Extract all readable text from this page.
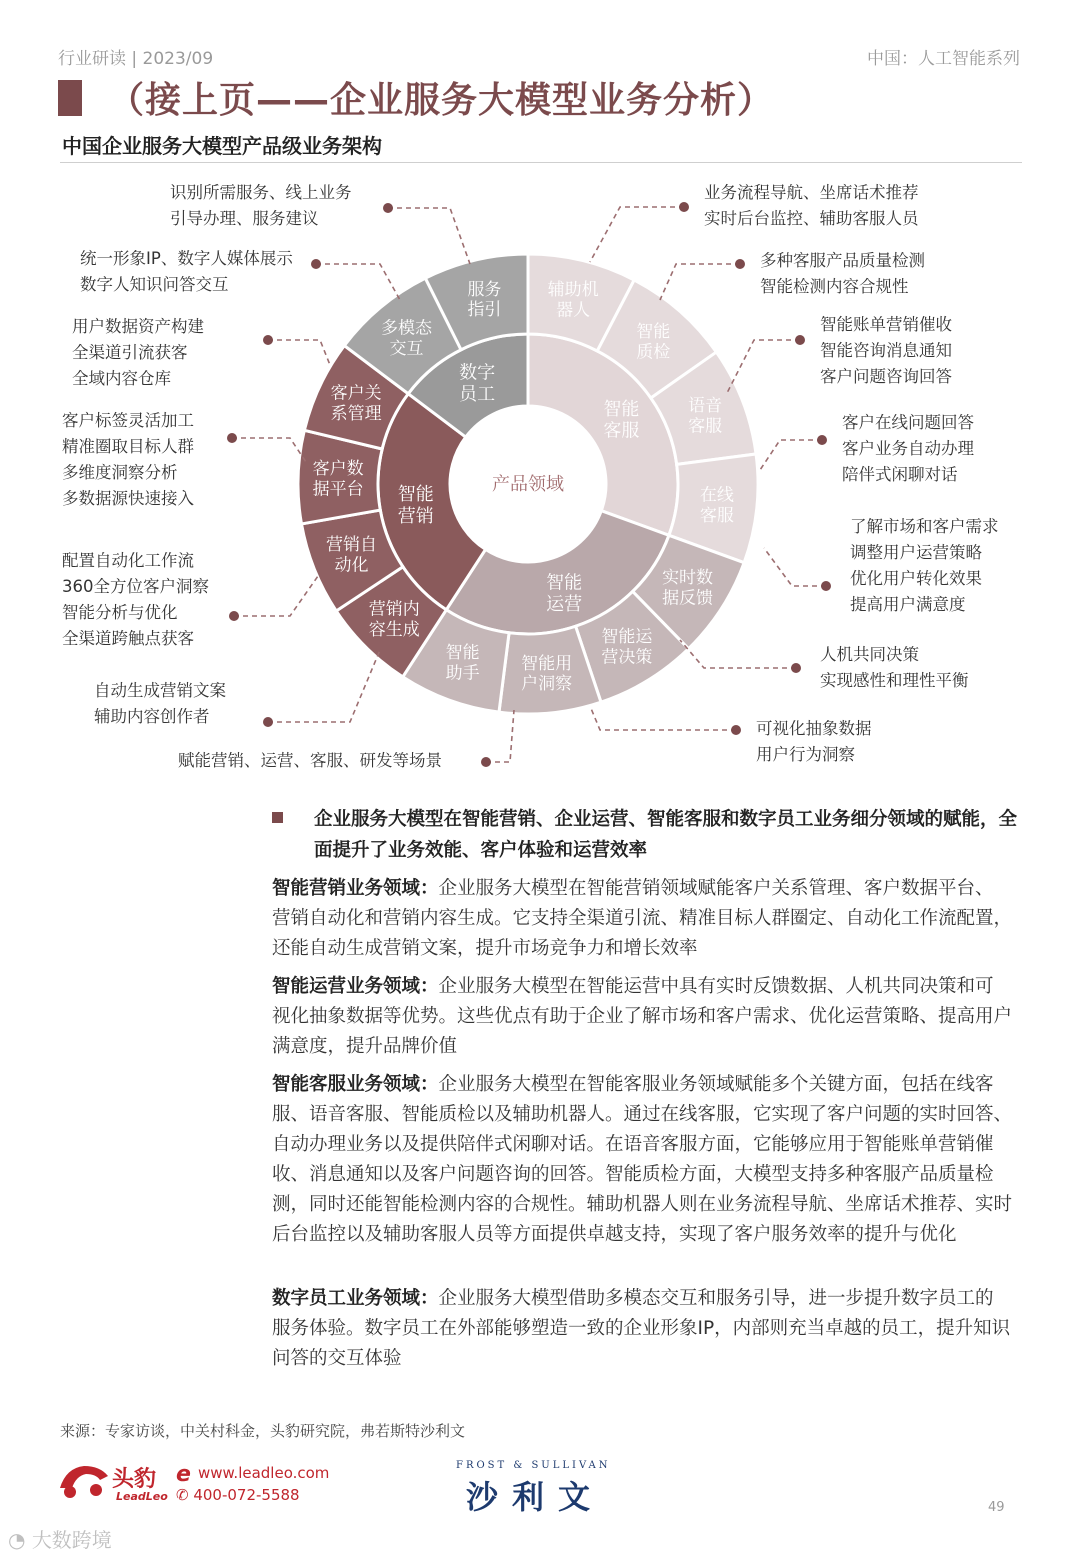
行业研读 | 2023/09	中国：人工智能系列
（接上页——企业服务大模型业务分析）
中国企业服务大模型产品级业务架构
智能客服
智能运营
智能营销
数字员工
辅助机器人
智能质检
语音客服
在线客服
实时数据反馈
智能运营决策
智能用户洞察
智能助手
营销内容生成
营销自动化
客户数据平台
客户关系管理
多模态交互
服务指引
产品领域
识别所需服务、线上业务
引导办理、服务建议
统一形象IP、数字人媒体展示
数字人知识问答交互
用户数据资产构建
全渠道引流获客
全域内容仓库
客户标签灵活加工
精准圈取目标人群
多维度洞察分析
多数据源快速接入
配置自动化工作流
360全方位客户洞察
智能分析与优化
全渠道跨触点获客
自动生成营销文案
辅助内容创作者
赋能营销、运营、客服、研发等场景
业务流程导航、坐席话术推荐
实时后台监控、辅助客服人员
多种客服产品质量检测
智能检测内容合规性
智能账单营销催收
智能咨询消息通知
客户问题咨询回答
客户在线问题回答
客户业务自动办理
陪伴式闲聊对话
了解市场和客户需求
调整用户运营策略
优化用户转化效果
提高用户满意度
人机共同决策
实现感性和理性平衡
可视化抽象数据
用户行为洞察
企业服务大模型在智能营销、企业运营、智能客服和数字员工业务细分领域的赋能，全面提升了业务效能、客户体验和运营效率
智能营销业务领域：企业服务大模型在智能营销领域赋能客户关系管理、客户数据平台、营销自动化和营销内容生成。它支持全渠道引流、精准目标人群圈定、自动化工作流配置，还能自动生成营销文案，提升市场竞争力和增长效率
智能运营业务领域：企业服务大模型在智能运营中具有实时反馈数据、人机共同决策和可视化抽象数据等优势。这些优点有助于企业了解市场和客户需求、优化运营策略、提高用户满意度，提升品牌价值
智能客服业务领域：企业服务大模型在智能客服业务领域赋能多个关键方面，包括在线客服、语音客服、智能质检以及辅助机器人。通过在线客服，它实现了客户问题的实时回答、自动办理业务以及提供陪伴式闲聊对话。在语音客服方面，它能够应用于智能账单营销催收、消息通知以及客户问题咨询的回答。智能质检方面，大模型支持多种客服产品质量检测，同时还能智能检测内容的合规性。辅助机器人则在业务流程导航、坐席话术推荐、实时后台监控以及辅助客服人员等方面提供卓越支持，实现了客户服务效率的提升与优化
数字员工业务领域：企业服务大模型借助多模态交互和服务引导，进一步提升数字员工的服务体验。数字员工在外部能够塑造一致的企业形象IP，内部则充当卓越的员工，提升知识问答的交互体验
来源：专家访谈，中关村科金，头豹研究院，弗若斯特沙利文
头豹
LeadLeo
e www.leadleo.com
✆ 400-072-5588
FROST & SULLIVAN
沙利文	49
◔ 大数跨境
